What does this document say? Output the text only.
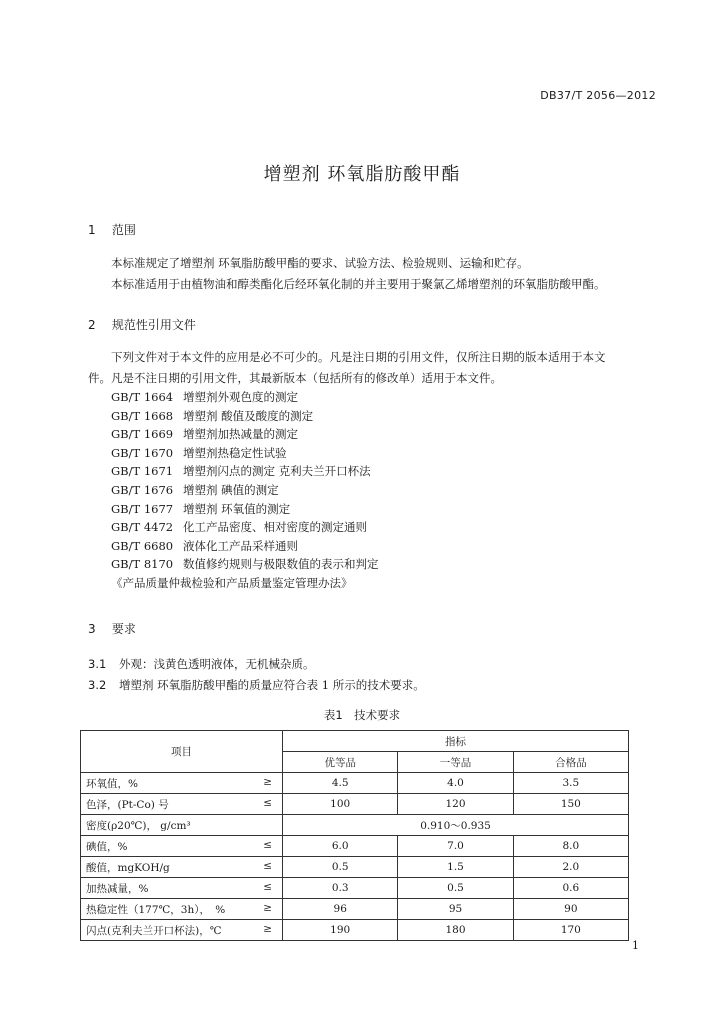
DB37/T 2056—2012
增塑剂 环氧脂肪酸甲酯
1 范围

本标准规定了增塑剂 环氧脂肪酸甲酯的要求、试验方法、检验规则、运输和贮存。

本标准适用于由植物油和醇类酯化后经环氧化制的并主要用于聚氯乙烯增塑剂的环氧脂肪酸甲酯。

2 规范性引用文件

下列文件对于本文件的应用是必不可少的。凡是注日期的引用文件，仅所注日期的版本适用于本文

件。凡是不注日期的引用文件，其最新版本（包括所有的修改单）适用于本文件。

GB/T 1664 增塑剂外观色度的测定
GB/T 1668 增塑剂 酸值及酸度的测定
GB/T 1669 增塑剂加热减量的测定
GB/T 1670 增塑剂热稳定性试验
GB/T 1671 增塑剂闪点的测定 克利夫兰开口杯法
GB/T 1676 增塑剂 碘值的测定
GB/T 1677 增塑剂 环氧值的测定
GB/T 4472 化工产品密度、相对密度的测定通则
GB/T 6680 液体化工产品采样通则
GB/T 8170 数值修约规则与极限数值的表示和判定
《产品质量仲裁检验和产品质量鉴定管理办法》
3 要求
3.1 外观：浅黄色透明液体，无机械杂质。
3.2 增塑剂 环氧脂肪酸甲酯的质量应符合表 1 所示的技术要求。
表1　技术要求
项目	指标		
	优等品	一等品	合格品
环氧值，% ≥	4.5	4.0	3.5
色泽，(Pt-Co) 号 ≤	100	120	150
密度(ρ20℃)， g/cm³	0.910～0.935		
碘值，% ≤	6.0	7.0	8.0
酸值，mgKOH/g ≤	0.5	1.5	2.0
加热减量，% ≤	0.3	0.5	0.6
热稳定性（177℃，3h），　% ≥	96	95	90
闪点(克利夫兰开口杯法)，℃ ≥	190	180	170
1
